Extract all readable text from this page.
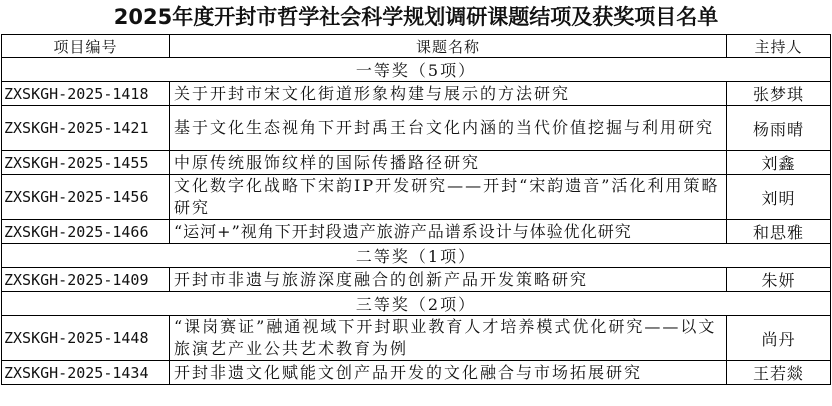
2025年度开封市哲学社会科学规划调研课题结项及获奖项目名单
项目编号	课题名称	主持人
一等奖（5项）		
ZXSKGH-2025-1418	关于开封市宋文化街道形象构建与展示的方法研究	张梦琪
ZXSKGH-2025-1421	基于文化生态视角下开封禹王台文化内涵的当代价值挖掘与利用研究	杨雨晴
ZXSKGH-2025-1455	中原传统服饰纹样的国际传播路径研究	刘鑫
ZXSKGH-2025-1456	文化数字化战略下宋韵IP开发研究——开封“宋韵遗音”活化利用策略研究	刘明
ZXSKGH-2025-1466	“运河+”视角下开封段遗产旅游产品谱系设计与体验优化研究	和思雅
二等奖（1项）		
ZXSKGH-2025-1409	开封市非遗与旅游深度融合的创新产品开发策略研究	朱妍
三等奖（2项）		
ZXSKGH-2025-1448	“课岗赛证”融通视域下开封职业教育人才培养模式优化研究——以文旅演艺产业公共艺术教育为例	尚丹
ZXSKGH-2025-1434	开封非遗文化赋能文创产品开发的文化融合与市场拓展研究	王若燚
